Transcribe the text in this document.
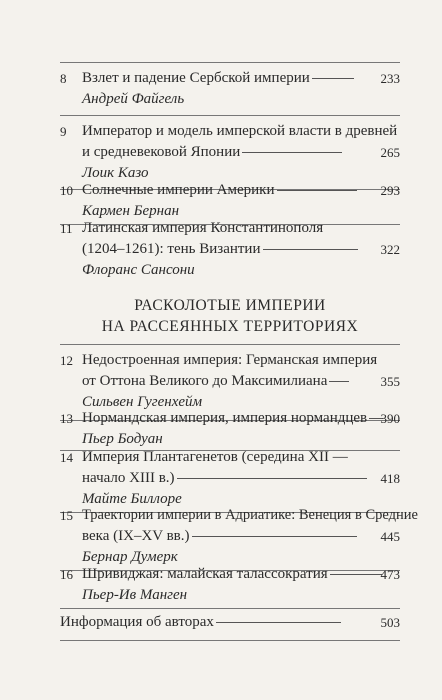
8 Взлет и падение Сербской империи	233
Андрей Файгель
9 Император и модель имперской власти в древней
и средневековой Японии	265
Лоик Казо
10 Солнечные империи Америки	293
Кармен Бернан
11 Латинская империя Константинополя
(1204–1261): тень Византии	322
Флоранс Сансони
РАСКОЛОТЫЕ ИМПЕРИИ
НА РАССЕЯННЫХ ТЕРРИТОРИЯХ
12 Недостроенная империя: Германская империя
от Оттона Великого до Максимилиана	355
Сильвен Гугенхейм
13 Нормандская империя, империя нормандцев 390
Пьер Бодуан
14 Империя Плантагенетов (середина XII —
начало XIII в.)	418
Майте Биллоре
15 Траектории империи в Адриатике: Венеция в Средние
века (IX–XV вв.)	445
Бернар Думерк
16 Шривиджая: малайская талассократия	473
Пьер-Ив Манген
Информация об авторах	503
